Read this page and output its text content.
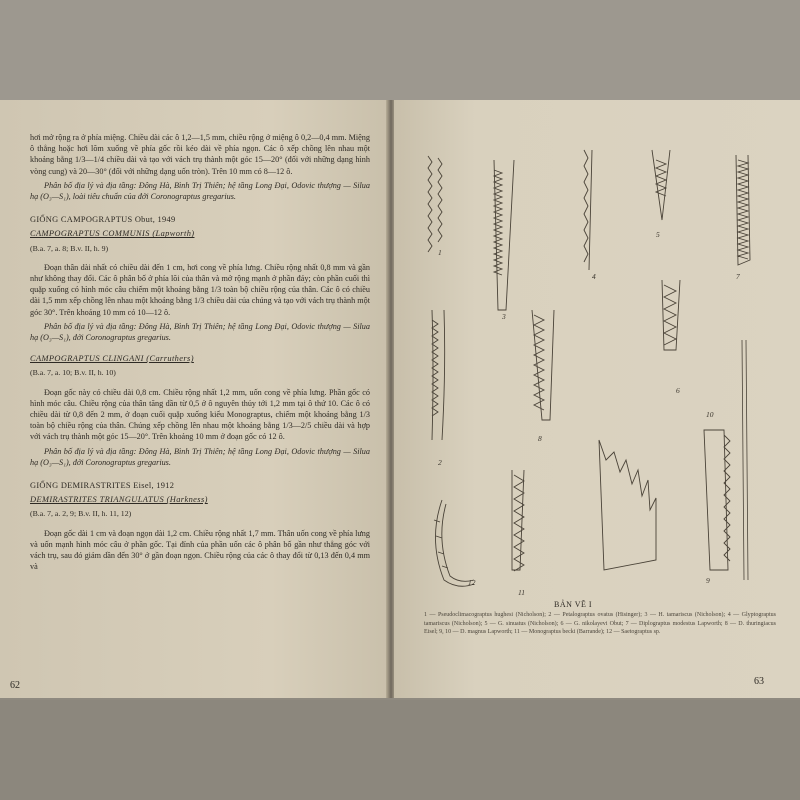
hơi mở rộng ra ở phía miệng. Chiều dài các ô 1,2—1,5 mm, chiều rộng ở miệng ô 0,2—0,4 mm. Miệng ô thẳng hoặc hơi lõm xuống về phía gốc rồi kéo dài về phía ngọn. Các ô xếp chồng lên nhau một khoảng bằng 1/3—1/4 chiều dài và tạo với vách trụ thành một góc 15—20° (đối với những dạng hình vòng cung) và 20—30° (đối với những dạng uốn tròn). Trên 10 mm có 8—12 ô.

Phân bố địa lý và địa tầng: Đông Hà, Bình Trị Thiên; hệ tầng Long Đại, Odovic thượng — Silua hạ (O₃—S₁), loài tiêu chuẩn của đới Coronograptus gregarius.

GIỐNG CAMPOGRAPTUS Obut, 1949

CAMPOGRAPTUS COMMUNIS (Lapworth)

(B.a. 7, a. 8; B.v. II, h. 9)

Đoạn thân dài nhất có chiều dài đến 1 cm, hơi cong về phía lưng. Chiều rộng nhất 0,8 mm và gần như không thay đổi. Các ô phân bố ở phía lõi của thân và mở rộng mạnh ở phần đáy; còn phần cuối thì quặp xuống có hình móc câu chiếm một khoảng bằng 1/3 toàn bộ chiều rộng của thân. Các ô có chiều dài 1,5 mm xếp chồng lên nhau một khoảng bằng 1/3 chiều dài của chúng và tạo với vách trụ thành một góc 30°. Trên khoảng 10 mm có 10—12 ô.

Phân bố địa lý và địa tầng: Đông Hà, Bình Trị Thiên; hệ tầng Long Đại, Odovic thượng — Silua hạ (O₃—S₁), đới Coronograptus gregarius.

CAMPOGRAPTUS CLINGANI (Carruthers)

(B.a. 7, a. 10; B.v. II, h. 10)

Đoạn gốc này có chiều dài 0,8 cm. Chiều rộng nhất 1,2 mm, uốn cong về phía lưng. Phần gốc có hình móc câu. Chiều rộng của thân tăng dần từ 0,5 ở ô nguyên thủy tới 1,2 mm tại ô thứ 10. Các ô có chiều dài từ 0,8 đến 2 mm, ở đoạn cuối quặp xuống kiểu Monograptus, chiếm một khoảng bằng 1/3 toàn bộ chiều rộng của thân. Chúng xếp chồng lên nhau một khoảng bằng 1/3—2/5 chiều dài và hợp với vách trụ thành một góc 15—20°. Trên khoảng 10 mm ở đoạn gốc có 12 ô.

Phân bố địa lý và địa tầng: Đông Hà, Bình Trị Thiên; hệ tầng Long Đại, Odovic thượng — Silua hạ (O₃—S₁), đới Coronograptus gregarius.

GIỐNG DEMIRASTRITES Eisel, 1912

DEMIRASTRITES TRIANGULATUS (Harkness)

(B.a. 7, a. 2, 9; B.v. II, h. 11, 12)

Đoạn gốc dài 1 cm và đoạn ngọn dài 1,2 cm. Chiều rộng nhất 1,7 mm. Thân uốn cong về phía lưng và uốn mạnh hình móc câu ở phần gốc. Tại đỉnh của phần uốn các ô phân bố gần như thẳng góc với vách trụ, sau đó giảm dần đến 30° ở gần đoạn ngọn. Chiều rộng của các ô thay đổi từ 0,13 đến 0,4 mm và

62
1
2
3
4
5
6
7
8
9
10
11
12
BẢN VẼ I
1 — Pseudoclimacograptus hughesi (Nicholson); 2 — Petalograptus ovatus (Hisinger); 3 — H. tamariscus (Nicholson); 4 — Glyptograptus tamariscus (Nicholson); 5 — G. sinuatus (Nicholson); 6 — G. nikolayevi Obut; 7 — Diplograptus modestus Lapworth; 8 — D. thuringiacus Eisel; 9, 10 — D. magnus Lapworth; 11 — Monograptus becki (Barrande); 12 — Saetograptus sp.
63
